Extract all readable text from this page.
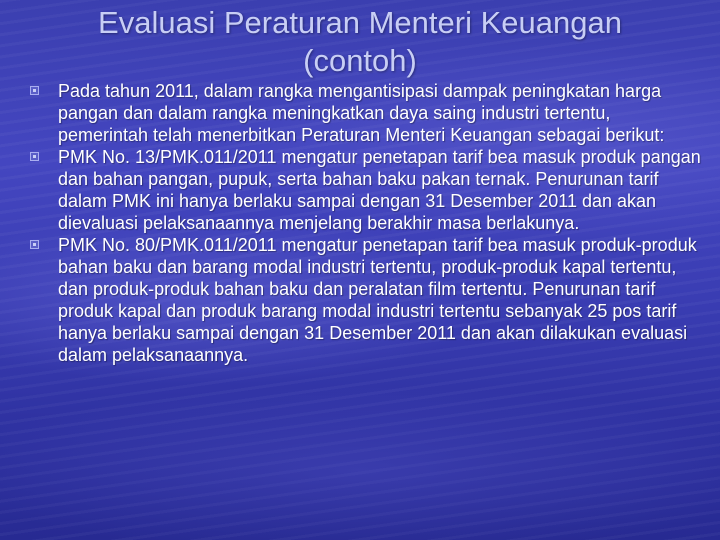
Evaluasi Peraturan Menteri Keuangan
(contoh)
Pada tahun 2011, dalam rangka mengantisipasi dampak peningkatan harga pangan dan dalam rangka meningkatkan daya saing industri tertentu, pemerintah telah menerbitkan Peraturan Menteri Keuangan sebagai berikut:
PMK No. 13/PMK.011/2011 mengatur penetapan tarif bea masuk produk pangan dan bahan pangan, pupuk, serta bahan baku pakan ternak. Penurunan tarif dalam PMK ini hanya berlaku sampai dengan 31 Desember 2011 dan akan dievaluasi pelaksanaannya menjelang berakhir masa berlakunya.
PMK No. 80/PMK.011/2011 mengatur penetapan tarif bea masuk produk-produk bahan baku dan barang modal industri tertentu, produk-produk kapal tertentu, dan produk-produk bahan baku dan peralatan film tertentu. Penurunan tarif produk kapal dan produk barang modal industri tertentu sebanyak 25 pos tarif hanya berlaku sampai dengan 31 Desember 2011 dan akan dilakukan evaluasi dalam pelaksanaannya.
